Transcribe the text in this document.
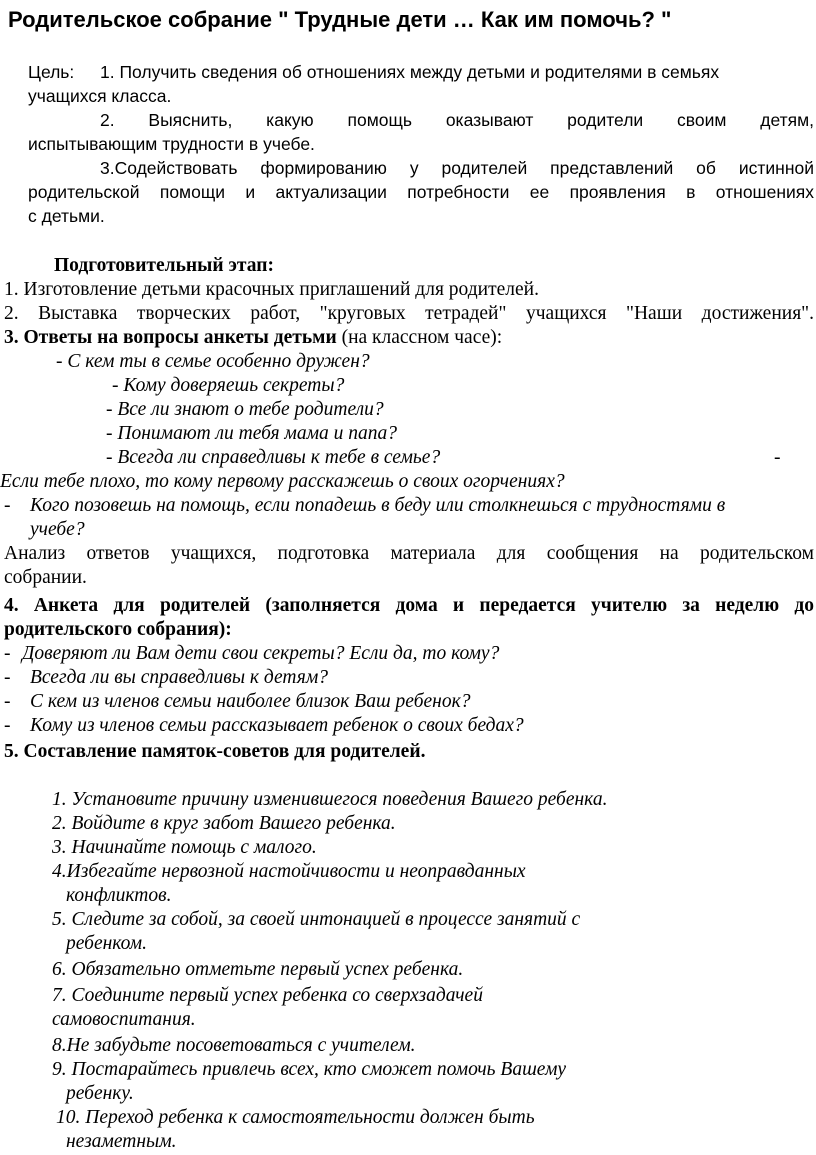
Родительское собрание " Трудные дети … Как им помочь? "
Цель: 1. Получить сведения об отношениях между детьми и родителями в семьях
учащихся класса.
2. Выяснить, какую помощь оказывают родители своим детям,
испытывающим трудности в учебе.
3.Содействовать формированию у родителей представлений об истинной
родительской помощи и актуализации потребности ее проявления в отношениях
с детьми.
Подготовительный этап:
1. Изготовление детьми красочных приглашений для родителей.
2. Выставка творческих работ, "круговых тетрадей" учащихся "Наши достижения".
3. Ответы на вопросы анкеты детьми (на классном часе):
- С кем ты в семье особенно дружен?
- Кому доверяешь секреты?
- Все ли знают о тебе родители?
- Понимают ли тебя мама и папа?
- Всегда ли справедливы к тебе в семье?	-
Если тебе плохо, то кому первому расскажешь о своих огорчениях?
- Кого позовешь на помощь, если попадешь в беду или столкнешься с трудностями в
учебе?
Анализ ответов учащихся, подготовка материала для сообщения на родительском
собрании.
4. Анкета для родителей (заполняется дома и передается учителю за неделю до
родительского собрания):
- Доверяют ли Вам дети свои секреты? Если да, то кому?
- Всегда ли вы справедливы к детям?
- С кем из членов семьи наиболее близок Ваш ребенок?
- Кому из членов семьи рассказывает ребенок о своих бедах?
5. Составление памяток-советов для родителей.
1. Установите причину изменившегося поведения Вашего ребенка.
2. Войдите в круг забот Вашего ребенка.
3. Начинайте помощь с малого.
4.Избегайте нервозной настойчивости и неоправданных
конфликтов.
5. Следите за собой, за своей интонацией в процессе занятий с
ребенком.
6. Обязательно отметьте первый успех ребенка.
7. Соедините первый успех ребенка со сверхзадачей
самовоспитания.
8.Не забудьте посоветоваться с учителем.
9. Постарайтесь привлечь всех, кто сможет помочь Вашему
ребенку.
10. Переход ребенка к самостоятельности должен быть
незаметным.
